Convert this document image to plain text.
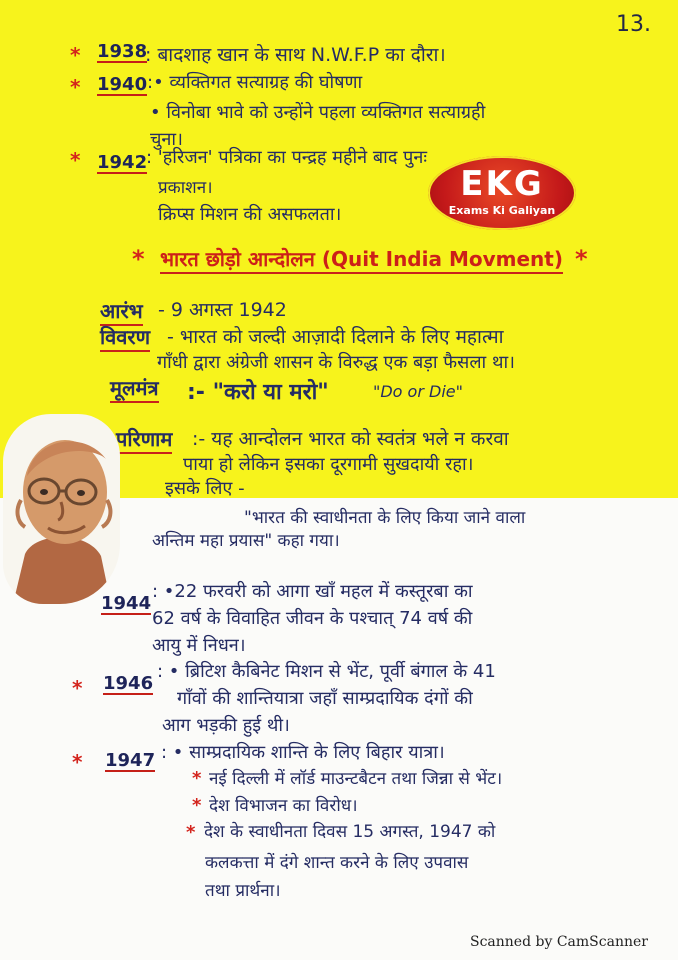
13.
* 1938
: बादशाह खान के साथ N.W.F.P का दौरा।
* 1940 :• व्यक्तिगत सत्याग्रह की घोषणा
• विनोबा भावे को उन्होंने पहला व्यक्तिगत सत्याग्रही
चुना।
* 1942
: 'हरिजन' पत्रिका का पन्द्रह महीने बाद पुनः
प्रकाशन।
क्रिप्स मिशन की असफलता।
EKG
Exams Ki Galiyan
* भारत छोड़ो आन्दोलन (Quit India Movment) *
आरंभ - 9 अगस्त 1942
विवरण - भारत को जल्दी आज़ादी दिलाने के लिए महात्मा
गाँधी द्वारा अंग्रेजी शासन के विरुद्ध एक बड़ा फैसला था।
मूलमंत्र :- "करो या मरो"	"Do or Die"
परिणाम :- यह आन्दोलन भारत को स्वतंत्र भले न करवा
पाया हो लेकिन इसका दूरगामी सुखदायी रहा।
इसके लिए -
"भारत की स्वाधीनता के लिए किया जाने वाला
अन्तिम महा प्रयास" कहा गया।
1944
: •22 फरवरी को आगा खाँ महल में कस्तूरबा का
62 वर्ष के विवाहित जीवन के पश्चात् 74 वर्ष की
आयु में निधन।
* 1946
: • ब्रिटिश कैबिनेट मिशन से भेंट, पूर्वी बंगाल के 41
गाँवों की शान्तियात्रा जहाँ साम्प्रदायिक दंगों की
आग भड़की हुई थी।
* 1947 : • साम्प्रदायिक शान्ति के लिए बिहार यात्रा।
* नई दिल्ली में लॉर्ड माउन्टबैटन तथा जिन्ना से भेंट।
* देश विभाजन का विरोध।
* देश के स्वाधीनता दिवस 15 अगस्त, 1947 को
कलकत्ता में दंगे शान्त करने के लिए उपवास
तथा प्रार्थना।
Scanned by CamScanner
